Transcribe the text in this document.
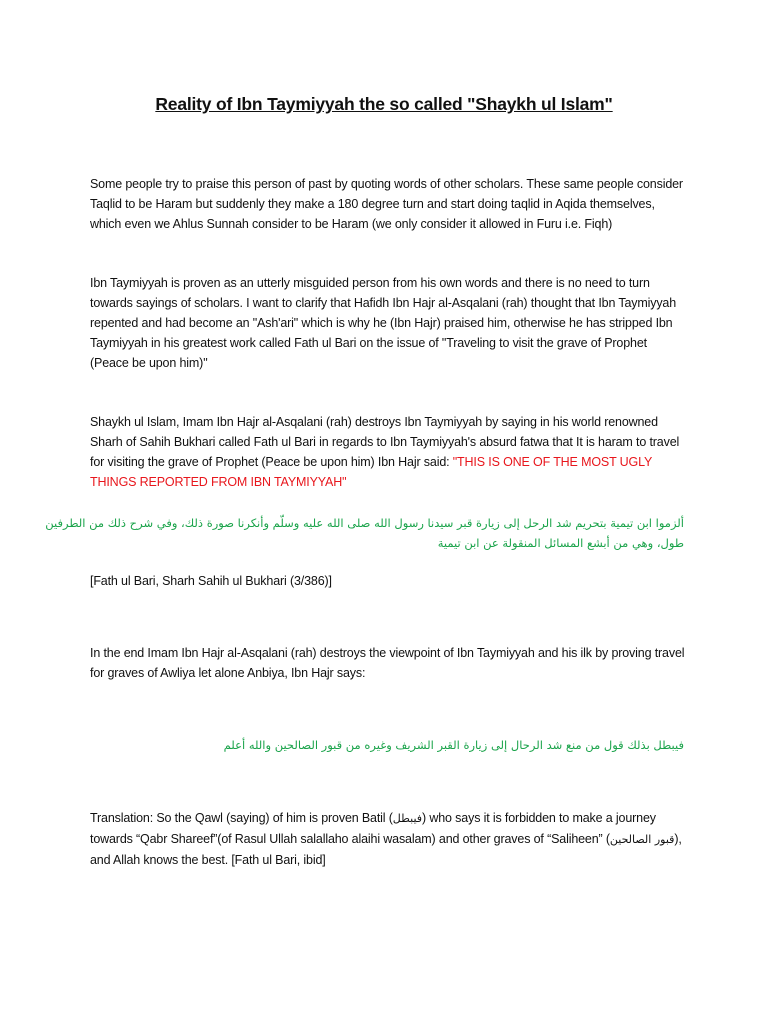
Reality of Ibn Taymiyyah the so called "Shaykh ul Islam"
Some people try to praise this person of past by quoting words of other scholars. These same people consider Taqlid to be Haram but suddenly they make a 180 degree turn and start doing taqlid in Aqida themselves, which even we Ahlus Sunnah consider to be Haram (we only consider it allowed in Furu i.e. Fiqh)
Ibn Taymiyyah is proven as an utterly misguided person from his own words and there is no need to turn towards sayings of scholars. I want to clarify that Hafidh Ibn Hajr al-Asqalani (rah) thought that Ibn Taymiyyah repented and had become an "Ash'ari" which is why he (Ibn Hajr) praised him, otherwise he has stripped Ibn Taymiyyah in his greatest work called Fath ul Bari on the issue of "Traveling to visit the grave of Prophet (Peace be upon him)"
Shaykh ul Islam, Imam Ibn Hajr al-Asqalani (rah) destroys Ibn Taymiyyah by saying in his world renowned Sharh of Sahih Bukhari called Fath ul Bari in regards to Ibn Taymiyyah's absurd fatwa that It is haram to travel for visiting the grave of Prophet (Peace be upon him) Ibn Hajr said: "THIS IS ONE OF THE MOST UGLY THINGS REPORTED FROM IBN TAYMIYYAH"
ألزموا ابن تيمية بتحريم شد الرحل إلى زيارة قبر سيدنا رسول الله صلى الله عليه وسلّم وأنكرنا صورة ذلك، وفي شرح ذلك من الطرفين
طول، وهي من أبشع المسائل المنقولة عن ابن تيمية
[Fath ul Bari, Sharh Sahih ul Bukhari (3/386)]
In the end Imam Ibn Hajr al-Asqalani (rah) destroys the viewpoint of Ibn Taymiyyah and his ilk by proving travel for graves of Awliya let alone Anbiya, Ibn Hajr says:
فيبطل بذلك قول من منع شد الرحال إلى زيارة القبر الشريف وغيره من قبور الصالحين والله أعلم
Translation: So the Qawl (saying) of him is proven Batil (فيبطل) who says it is forbidden to make a journey towards “Qabr Shareef”(of Rasul Ullah salallaho alaihi wasalam) and other graves of “Saliheen” (قبور الصالحين), and Allah knows the best. [Fath ul Bari, ibid]
